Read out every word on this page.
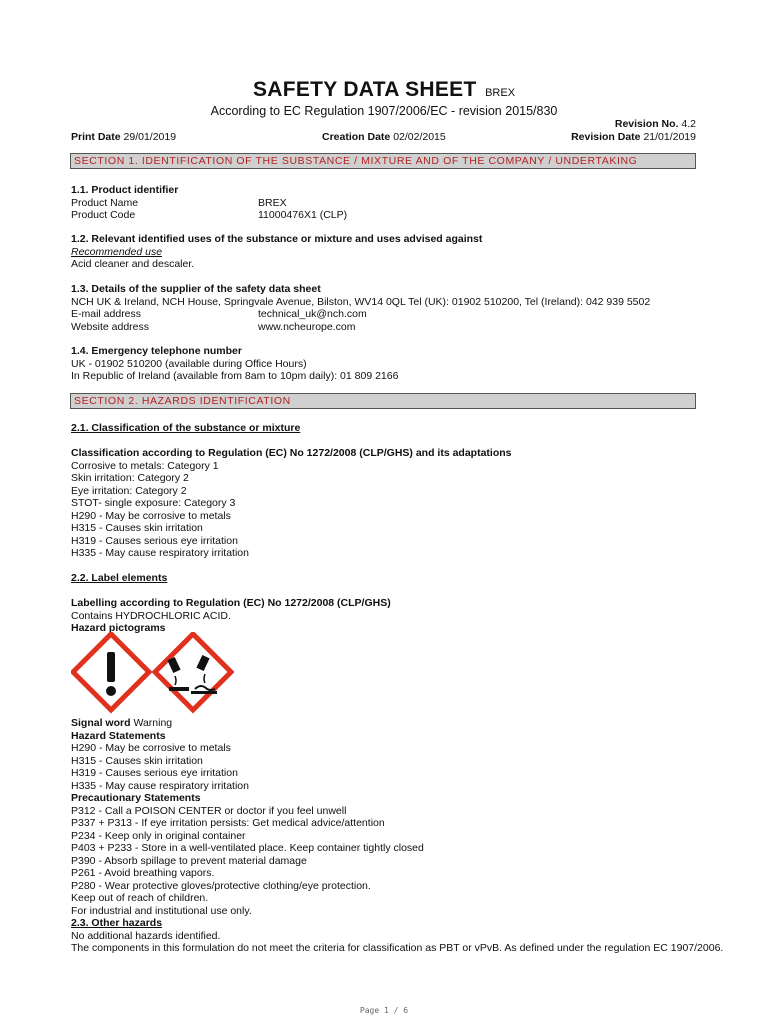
SAFETY DATA SHEET BREX
According to EC Regulation 1907/2006/EC - revision 2015/830
Revision No. 4.2
Print Date 29/01/2019	Creation Date 02/02/2015	Revision Date 21/01/2019
SECTION 1. IDENTIFICATION OF THE SUBSTANCE / MIXTURE AND OF THE COMPANY / UNDERTAKING
1.1. Product identifier
Product Name	BREX
Product Code	11000476X1 (CLP)
1.2. Relevant identified uses of the substance or mixture and uses advised against
Recommended use
Acid cleaner and descaler.
1.3. Details of the supplier of the safety data sheet
NCH UK & Ireland, NCH House, Springvale Avenue, Bilston, WV14 0QL Tel (UK): 01902 510200, Tel (Ireland): 042 939 5502
E-mail address	technical_uk@nch.com
Website address	www.ncheurope.com
1.4. Emergency telephone number
UK - 01902 510200 (available during Office Hours)
In Republic of Ireland (available from 8am to 10pm daily): 01 809 2166
SECTION 2. HAZARDS IDENTIFICATION
2.1. Classification of the substance or mixture
Classification according to Regulation (EC) No 1272/2008 (CLP/GHS) and its adaptations
Corrosive to metals: Category 1
Skin irritation: Category 2
Eye irritation: Category 2
STOT- single exposure: Category 3
H290 - May be corrosive to metals
H315 - Causes skin irritation
H319 - Causes serious eye irritation
H335 - May cause respiratory irritation
2.2. Label elements
Labelling according to Regulation (EC) No 1272/2008 (CLP/GHS)
Contains HYDROCHLORIC ACID.
Hazard pictograms
Signal word Warning
Hazard Statements
H290 - May be corrosive to metals
H315 - Causes skin irritation
H319 - Causes serious eye irritation
H335 - May cause respiratory irritation
Precautionary Statements
P312 - Call a POISON CENTER or doctor if you feel unwell
P337 + P313 - If eye irritation persists: Get medical advice/attention
P234 - Keep only in original container
P403 + P233 - Store in a well-ventilated place. Keep container tightly closed
P390 - Absorb spillage to prevent material damage
P261 - Avoid breathing vapors.
P280 - Wear protective gloves/protective clothing/eye protection.
Keep out of reach of children.
For industrial and institutional use only.
2.3. Other hazards
No additional hazards identified.
The components in this formulation do not meet the criteria for classification as PBT or vPvB. As defined under the regulation EC 1907/2006.
Page 1 / 6
